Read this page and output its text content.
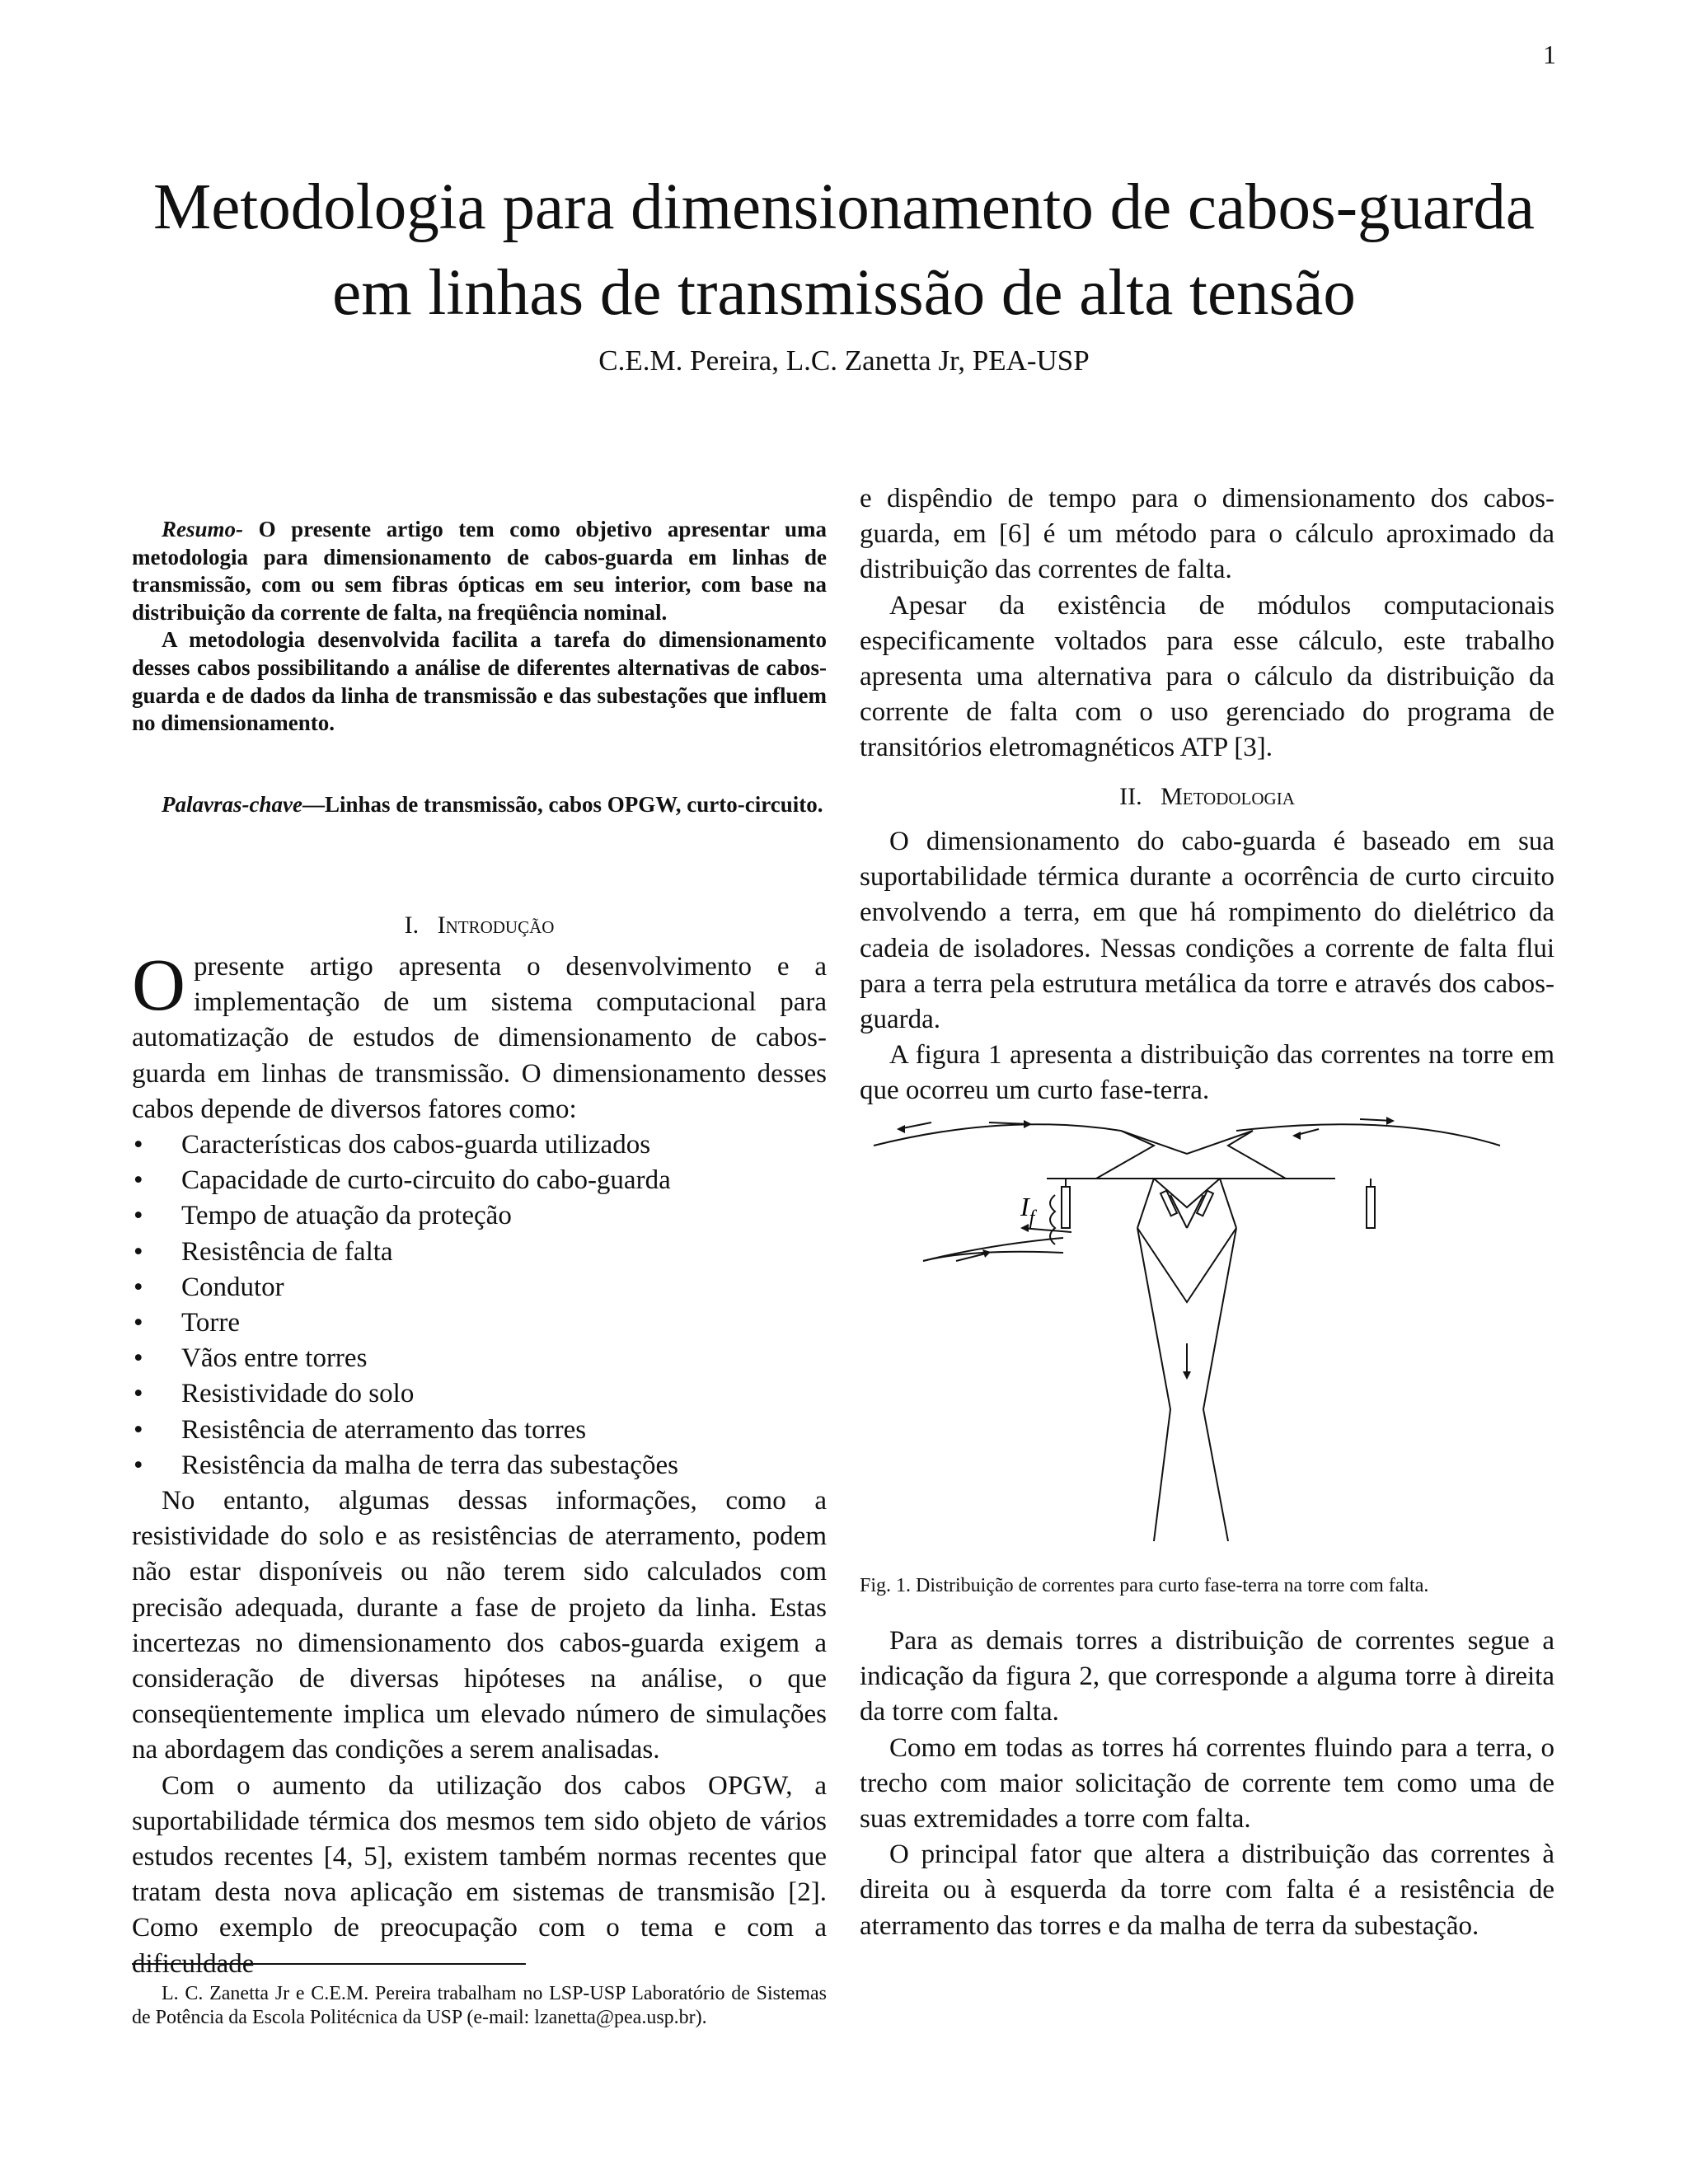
1
Metodologia para dimensionamento de cabos-guarda
em linhas de transmissão de alta tensão
C.E.M. Pereira, L.C. Zanetta Jr, PEA-USP

Resumo- O presente artigo tem como objetivo apresentar uma metodologia para dimensionamento de cabos-guarda em linhas de transmissão, com ou sem fibras ópticas em seu interior, com base na distribuição da corrente de falta, na freqüência nominal.

A metodologia desenvolvida facilita a tarefa do dimensionamento desses cabos possibilitando a análise de diferentes alternativas de cabos-guarda e de dados da linha de transmissão e das subestações que influem no dimensionamento.

Palavras-chave—Linhas de transmissão, cabos OPGW, curto-circuito.

I. Introdução

Opresente artigo apresenta o desenvolvimento e a implementação de um sistema computacional para automatização de estudos de dimensionamento de cabos-guarda em linhas de transmissão. O dimensionamento desses cabos depende de diversos fatores como:

• Características dos cabos-guarda utilizados
• Capacidade de curto-circuito do cabo-guarda
• Tempo de atuação da proteção
• Resistência de falta
• Condutor
• Torre
• Vãos entre torres
• Resistividade do solo
• Resistência de aterramento das torres
• Resistência da malha de terra das subestações

No entanto, algumas dessas informações, como a resistividade do solo e as resistências de aterramento, podem não estar disponíveis ou não terem sido calculados com precisão adequada, durante a fase de projeto da linha. Estas incertezas no dimensionamento dos cabos-guarda exigem a consideração de diversas hipóteses na análise, o que conseqüentemente implica um elevado número de simulações na abordagem das condições a serem analisadas.

Com o aumento da utilização dos cabos OPGW, a suportabilidade térmica dos mesmos tem sido objeto de vários estudos recentes [4, 5], existem também normas recentes que tratam desta nova aplicação em sistemas de transmisão [2]. Como exemplo de preocupação com o tema e com a dificuldade

L. C. Zanetta Jr e C.E.M. Pereira trabalham no LSP-USP Laboratório de Sistemas de Potência da Escola Politécnica da USP (e-mail: lzanetta@pea.usp.br).

e dispêndio de tempo para o dimensionamento dos cabos-guarda, em [6] é um método para o cálculo aproximado da distribuição das correntes de falta.

Apesar da existência de módulos computacionais especificamente voltados para esse cálculo, este trabalho apresenta uma alternativa para o cálculo da distribuição da corrente de falta com o uso gerenciado do programa de transitórios eletromagnéticos ATP [3].

II. Metodologia

O dimensionamento do cabo-guarda é baseado em sua suportabilidade térmica durante a ocorrência de curto circuito envolvendo a terra, em que há rompimento do dielétrico da cadeia de isoladores. Nessas condições a corrente de falta flui para a terra pela estrutura metálica da torre e através dos cabos-guarda.

A figura 1 apresenta a distribuição das correntes na torre em que ocorreu um curto fase-terra.

$I_f$
Fig. 1. Distribuição de correntes para curto fase-terra na torre com falta.

Para as demais torres a distribuição de correntes segue a indicação da figura 2, que corresponde a alguma torre à direita da torre com falta.

Como em todas as torres há correntes fluindo para a terra, o trecho com maior solicitação de corrente tem como uma de suas extremidades a torre com falta.

O principal fator que altera a distribuição das correntes à direita ou à esquerda da torre com falta é a resistência de aterramento das torres e da malha de terra da subestação.
